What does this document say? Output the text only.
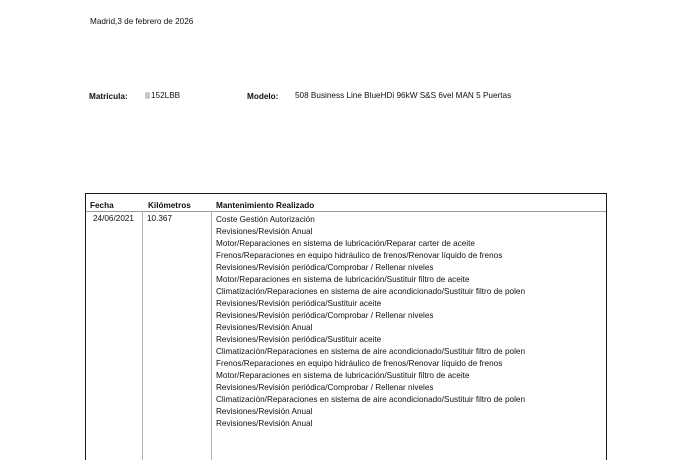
Madrid,3 de febrero de 2026
Matricula:	152LBB	Modelo: 508 Business Line BlueHDi 96kW S&S 6vel MAN 5 Puertas
Fecha	Kilómetros	Mantenimiento Realizado
24/06/2021 10.367	Coste Gestión Autorización
Revisiones/Revisión Anual
Motor/Reparaciones en sistema de lubricación/Reparar carter de aceite
Frenos/Reparaciones en equipo hidráulico de frenos/Renovar líquido de frenos
Revisiones/Revisión periódica/Comprobar / Rellenar niveles
Motor/Reparaciones en sistema de lubricación/Sustituir filtro de aceite
Climatización/Reparaciones en sistema de aire acondicionado/Sustituir filtro de polen
Revisiones/Revisión periódica/Sustituir aceite
Revisiones/Revisión periódica/Comprobar / Rellenar niveles
Revisiones/Revisión Anual
Revisiones/Revisión periódica/Sustituir aceite
Climatización/Reparaciones en sistema de aire acondicionado/Sustituir filtro de polen
Frenos/Reparaciones en equipo hidráulico de frenos/Renovar líquido de frenos
Motor/Reparaciones en sistema de lubricación/Sustituir filtro de aceite
Revisiones/Revisión periódica/Comprobar / Rellenar niveles
Climatización/Reparaciones en sistema de aire acondicionado/Sustituir filtro de polen
Revisiones/Revisión Anual
Revisiones/Revisión Anual
